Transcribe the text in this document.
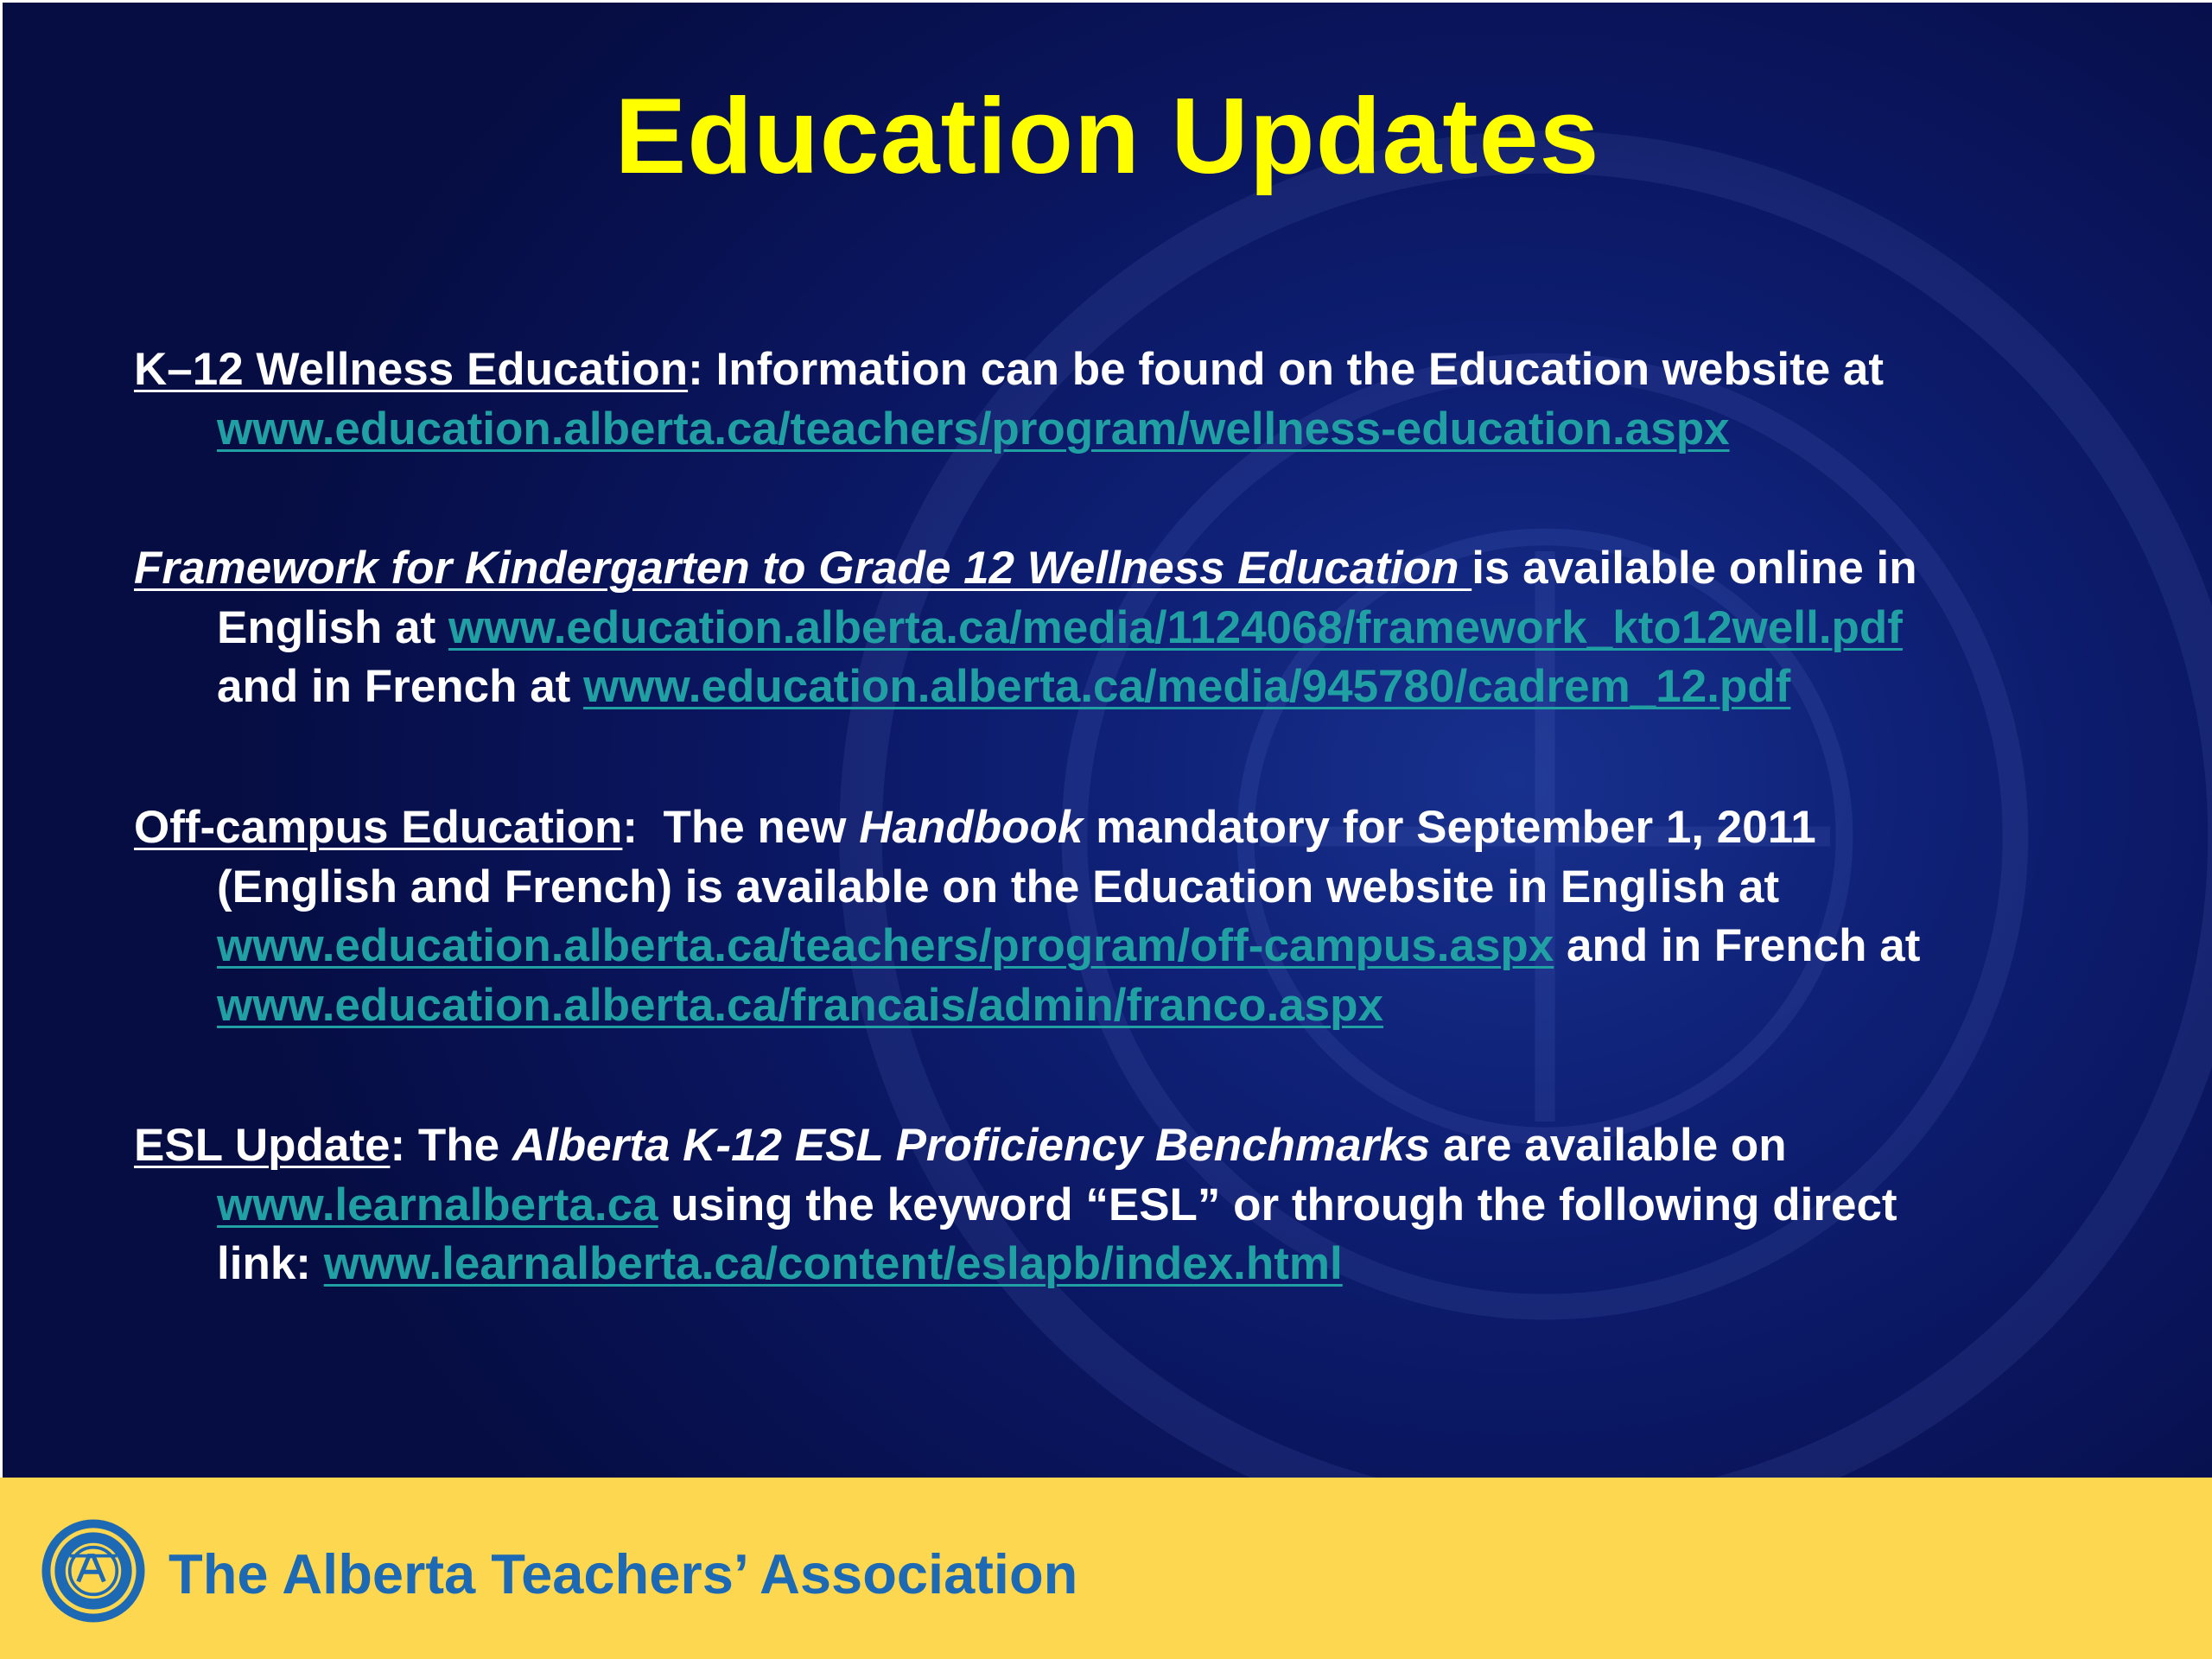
Education Updates
K–12 Wellness Education: Information can be found on the Education website at
www.education.alberta.ca/teachers/program/wellness-education.aspx
Framework for Kindergarten to Grade 12 Wellness Education is available online in
English at www.education.alberta.ca/media/1124068/framework_kto12well.pdf
and in French at www.education.alberta.ca/media/945780/cadrem_12.pdf
Off-campus Education:  The new Handbook mandatory for September 1, 2011
(English and French) is available on the Education website in English at
www.education.alberta.ca/teachers/program/off-campus.aspx and in French at
www.education.alberta.ca/francais/admin/franco.aspx
ESL Update: The Alberta K-12 ESL Proficiency Benchmarks are available on
www.learnalberta.ca using the keyword “ESL” or through the following direct
link: www.learnalberta.ca/content/eslapb/index.html
The Alberta Teachers’ Association
